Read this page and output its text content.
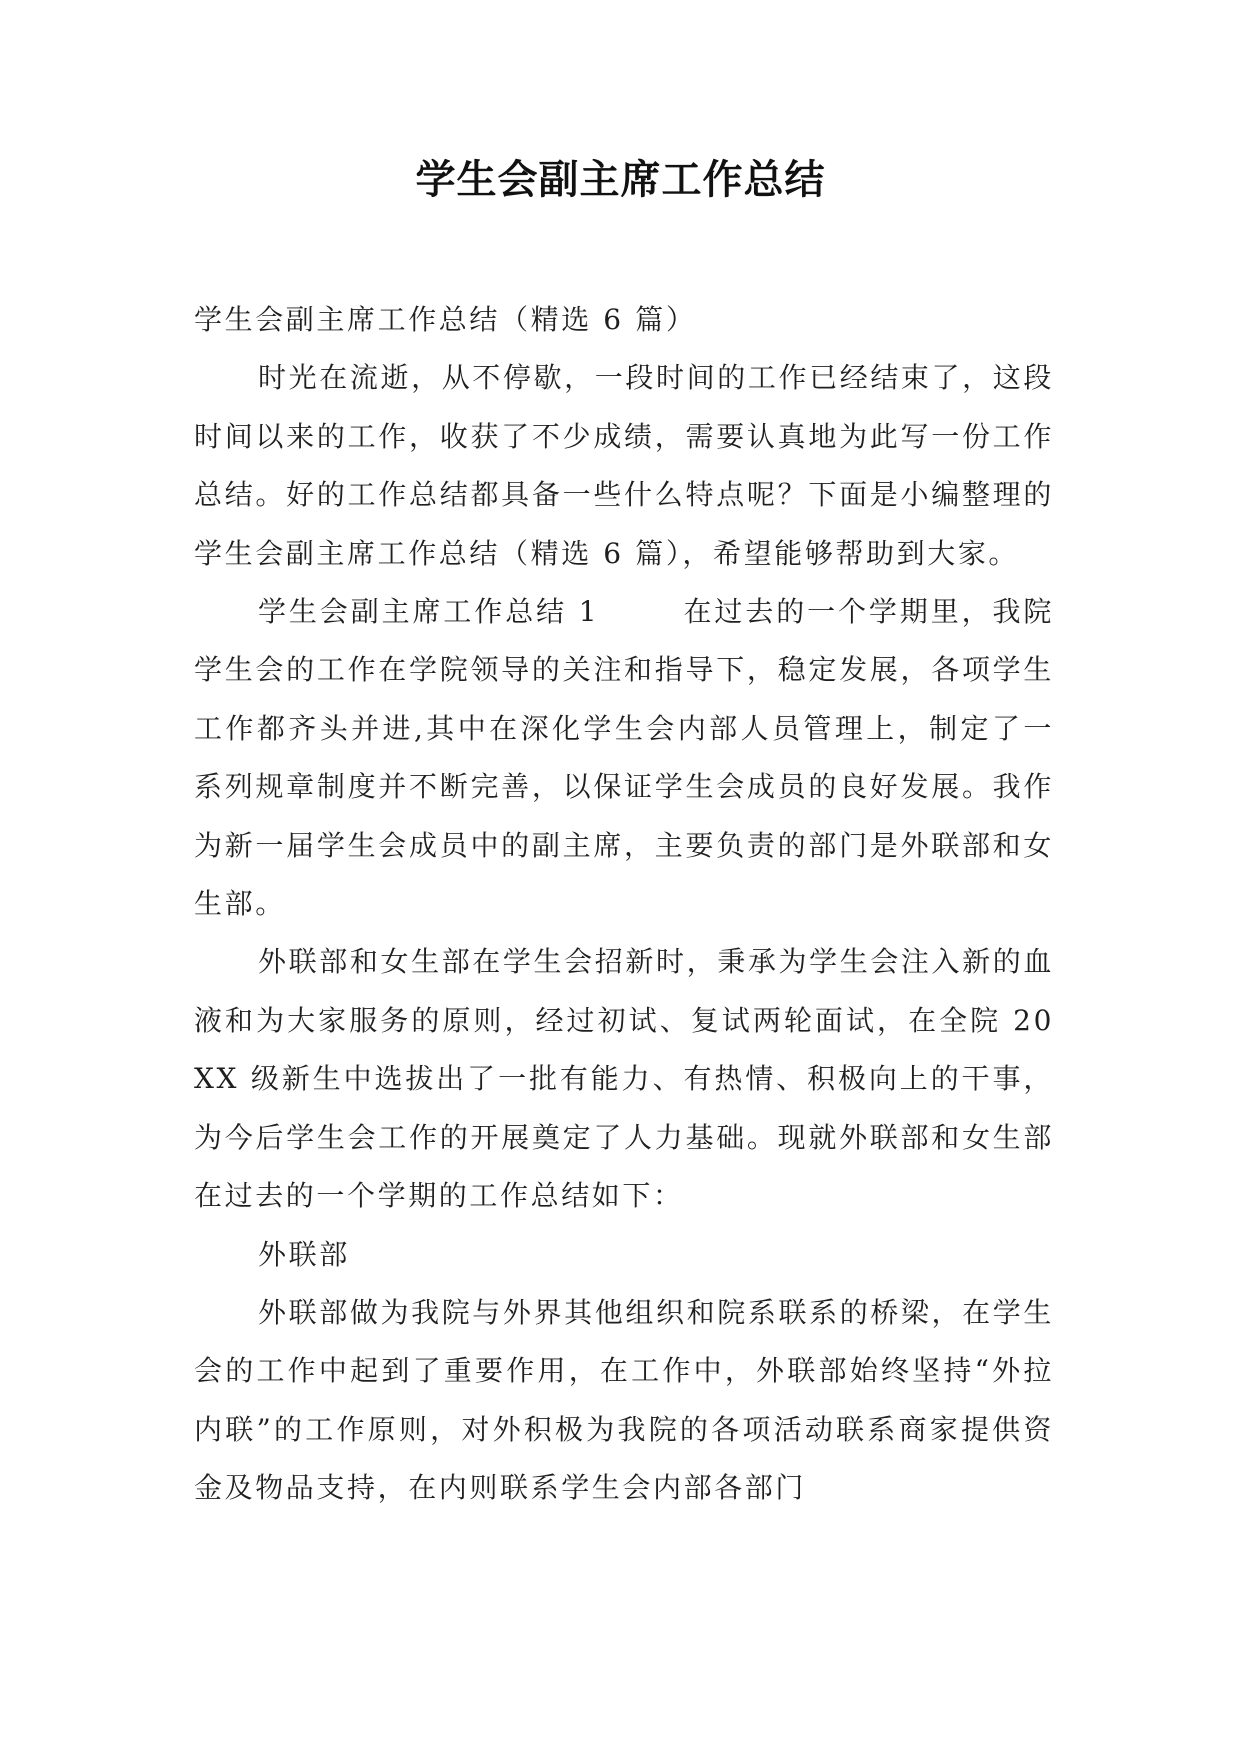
学生会副主席工作总结

学生会副主席工作总结（精选 6 篇）

时光在流逝，从不停歇，一段时间的工作已经结束了，这段时间以来的工作，收获了不少成绩，需要认真地为此写一份工作总结。好的工作总结都具备一些什么特点呢？下面是小编整理的学生会副主席工作总结（精选 6 篇），希望能够帮助到大家。

学生会副主席工作总结 1	在过去的一个学期里，我院学生会的工作在学院领导的关注和指导下，稳定发展，各项学生工作都齐头并进,其中在深化学生会内部人员管理上，制定了一系列规章制度并不断完善，以保证学生会成员的良好发展。我作为新一届学生会成员中的副主席，主要负责的部门是外联部和女生部。

外联部和女生部在学生会招新时，秉承为学生会注入新的血液和为大家服务的原则，经过初试、复试两轮面试，在全院 20XX 级新生中选拔出了一批有能力、有热情、积极向上的干事，为今后学生会工作的开展奠定了人力基础。现就外联部和女生部在过去的一个学期的工作总结如下：

外联部

外联部做为我院与外界其他组织和院系联系的桥梁，在学生会的工作中起到了重要作用，在工作中，外联部始终坚持“外拉内联”的工作原则，对外积极为我院的各项活动联系商家提供资金及物品支持，在内则联系学生会内部各部门
